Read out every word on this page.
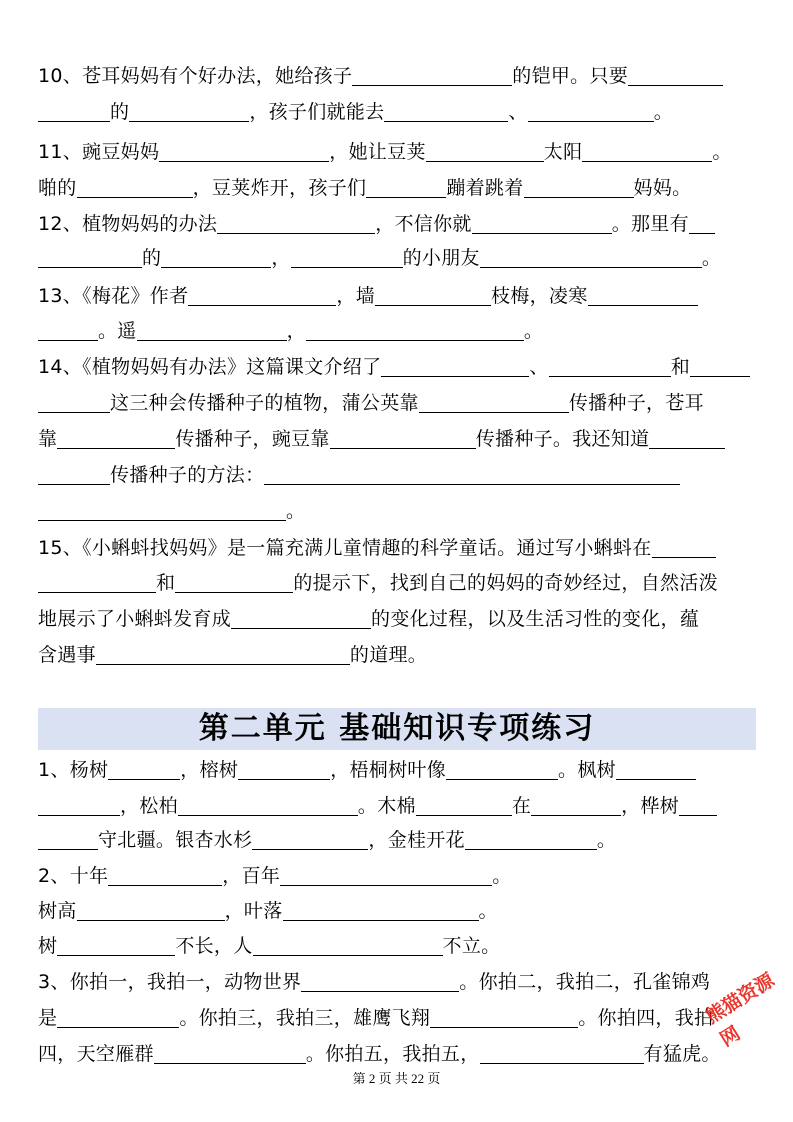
第二单元 基础知识专项练习
10、苍耳妈妈有个好办法，她给孩子	的铠甲。只要
的	，孩子们就能去	、	。
11、豌豆妈妈	，她让豆荚	太阳	。
啪的	，豆荚炸开，孩子们	蹦着跳着	妈妈。
12、植物妈妈的办法	，不信你就	。那里有
的	，	的小朋友	。
13、《梅花》作者	，墙	枝梅，凌寒
。遥	，	。
14、《植物妈妈有办法》这篇课文介绍了	、	和
这三种会传播种子的植物，蒲公英靠	传播种子，苍耳
靠	传播种子，豌豆靠	传播种子。我还知道
传播种子的方法：
。
15、《小蝌蚪找妈妈》是一篇充满儿童情趣的科学童话。通过写小蝌蚪在
和	的提示下，找到自己的妈妈的奇妙经过，自然活泼
地展示了小蝌蚪发育成	的变化过程，以及生活习性的变化，蕴
含遇事	的道理。
1、杨树	，榕树	，梧桐树叶像	。枫树
，松柏	。木棉	在	，桦树
守北疆。银杏水杉	，金桂开花	。
2、十年	，百年	。
树高	，叶落	。
树	不长，人	不立。
3、你拍一，我拍一，动物世界	。你拍二，我拍二，孔雀锦鸡
是	。你拍三，我拍三，雄鹰飞翔	。你拍四，我拍
四，天空雁群	。你拍五，我拍五，	有猛虎。
第 2 页 共 22 页
熊猫资源网
